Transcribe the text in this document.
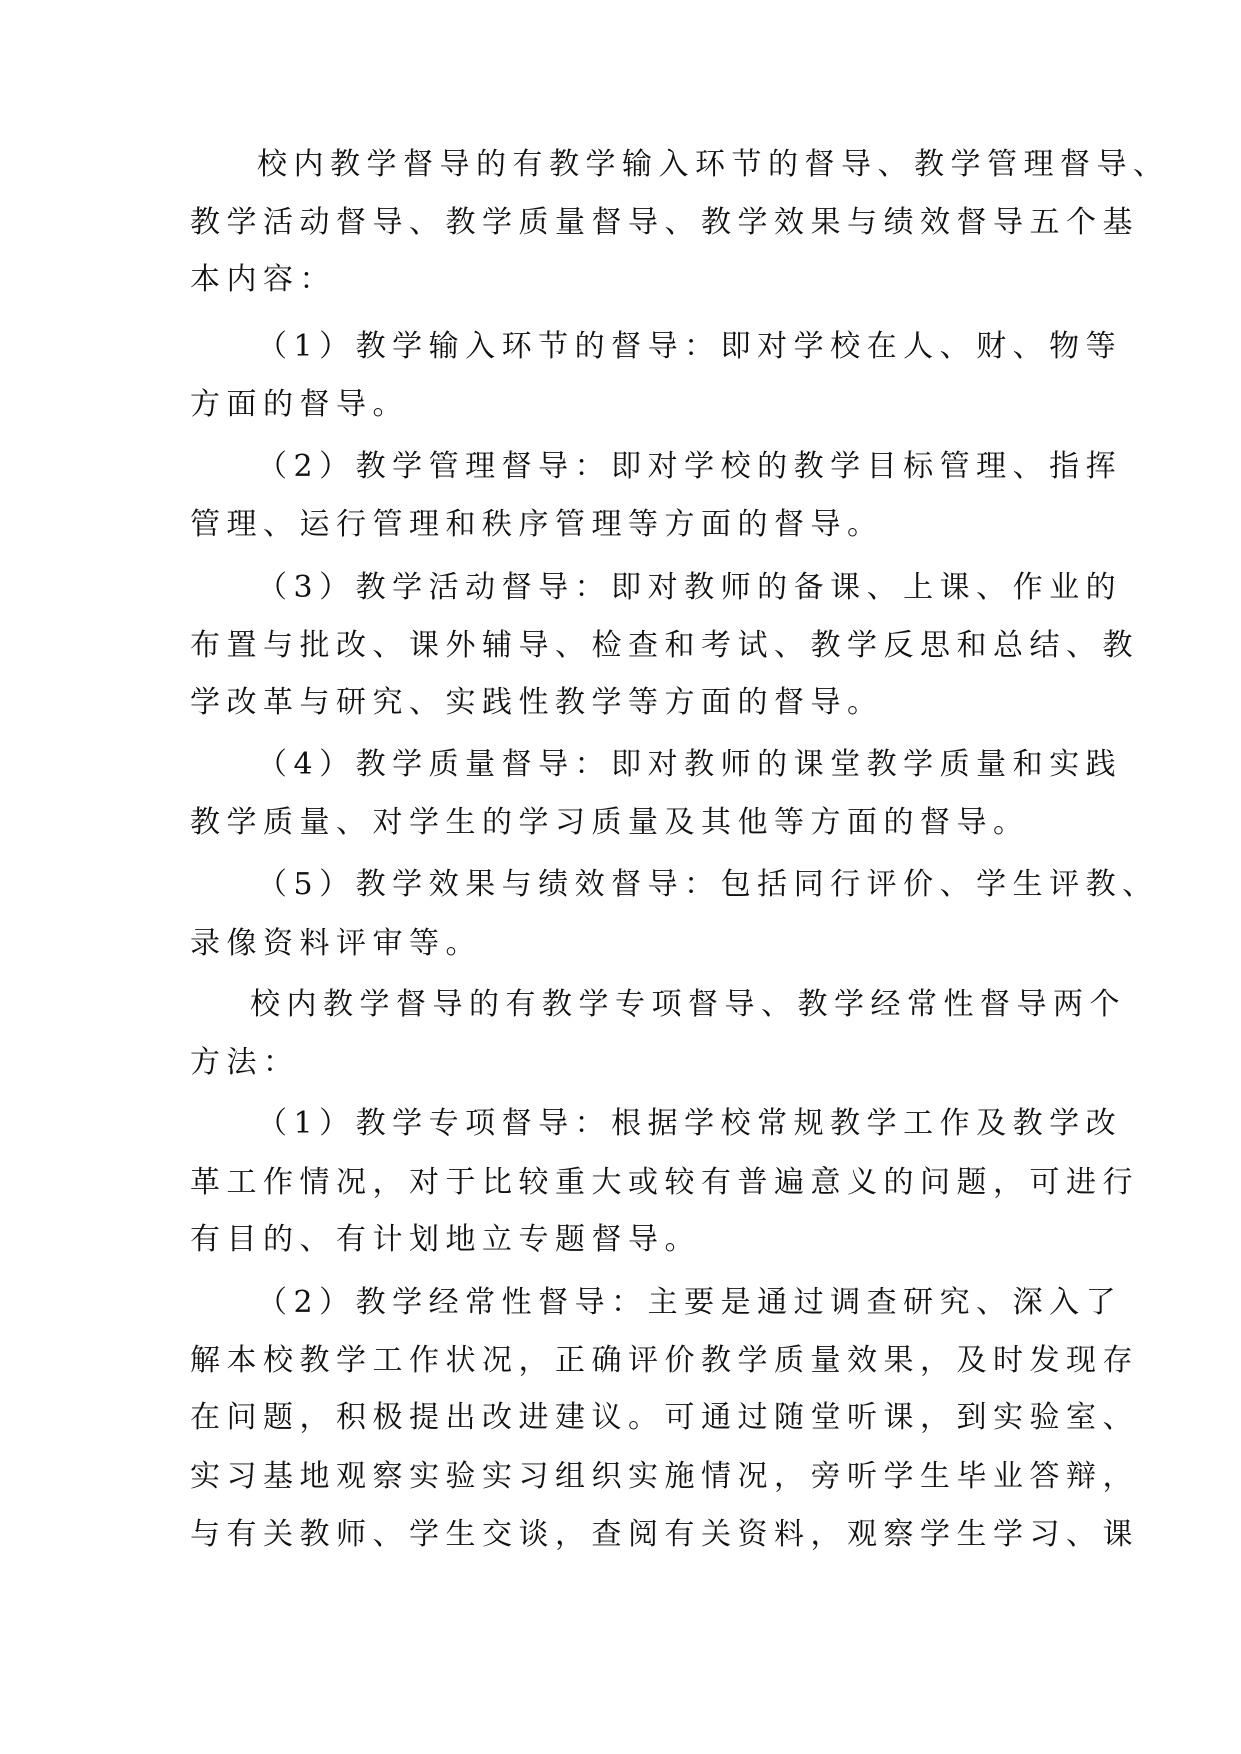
校内教学督导的有教学输入环节的督导、教学管理督导、
教学活动督导、教学质量督导、教学效果与绩效督导五个基
本内容：
（1）教学输入环节的督导：即对学校在人、财、物等
方面的督导。
（2）教学管理督导：即对学校的教学目标管理、指挥
管理、运行管理和秩序管理等方面的督导。
（3）教学活动督导：即对教师的备课、上课、作业的
布置与批改、课外辅导、检查和考试、教学反思和总结、教
学改革与研究、实践性教学等方面的督导。
（4）教学质量督导：即对教师的课堂教学质量和实践
教学质量、对学生的学习质量及其他等方面的督导。
（5）教学效果与绩效督导：包括同行评价、学生评教、
录像资料评审等。
校内教学督导的有教学专项督导、教学经常性督导两个
方法：
（1）教学专项督导：根据学校常规教学工作及教学改
革工作情况，对于比较重大或较有普遍意义的问题，可进行
有目的、有计划地立专题督导。
（2）教学经常性督导：主要是通过调查研究、深入了
解本校教学工作状况，正确评价教学质量效果，及时发现存
在问题，积极提出改进建议。可通过随堂听课，到实验室、
实习基地观察实验实习组织实施情况，旁听学生毕业答辩，
与有关教师、学生交谈，查阅有关资料，观察学生学习、课
